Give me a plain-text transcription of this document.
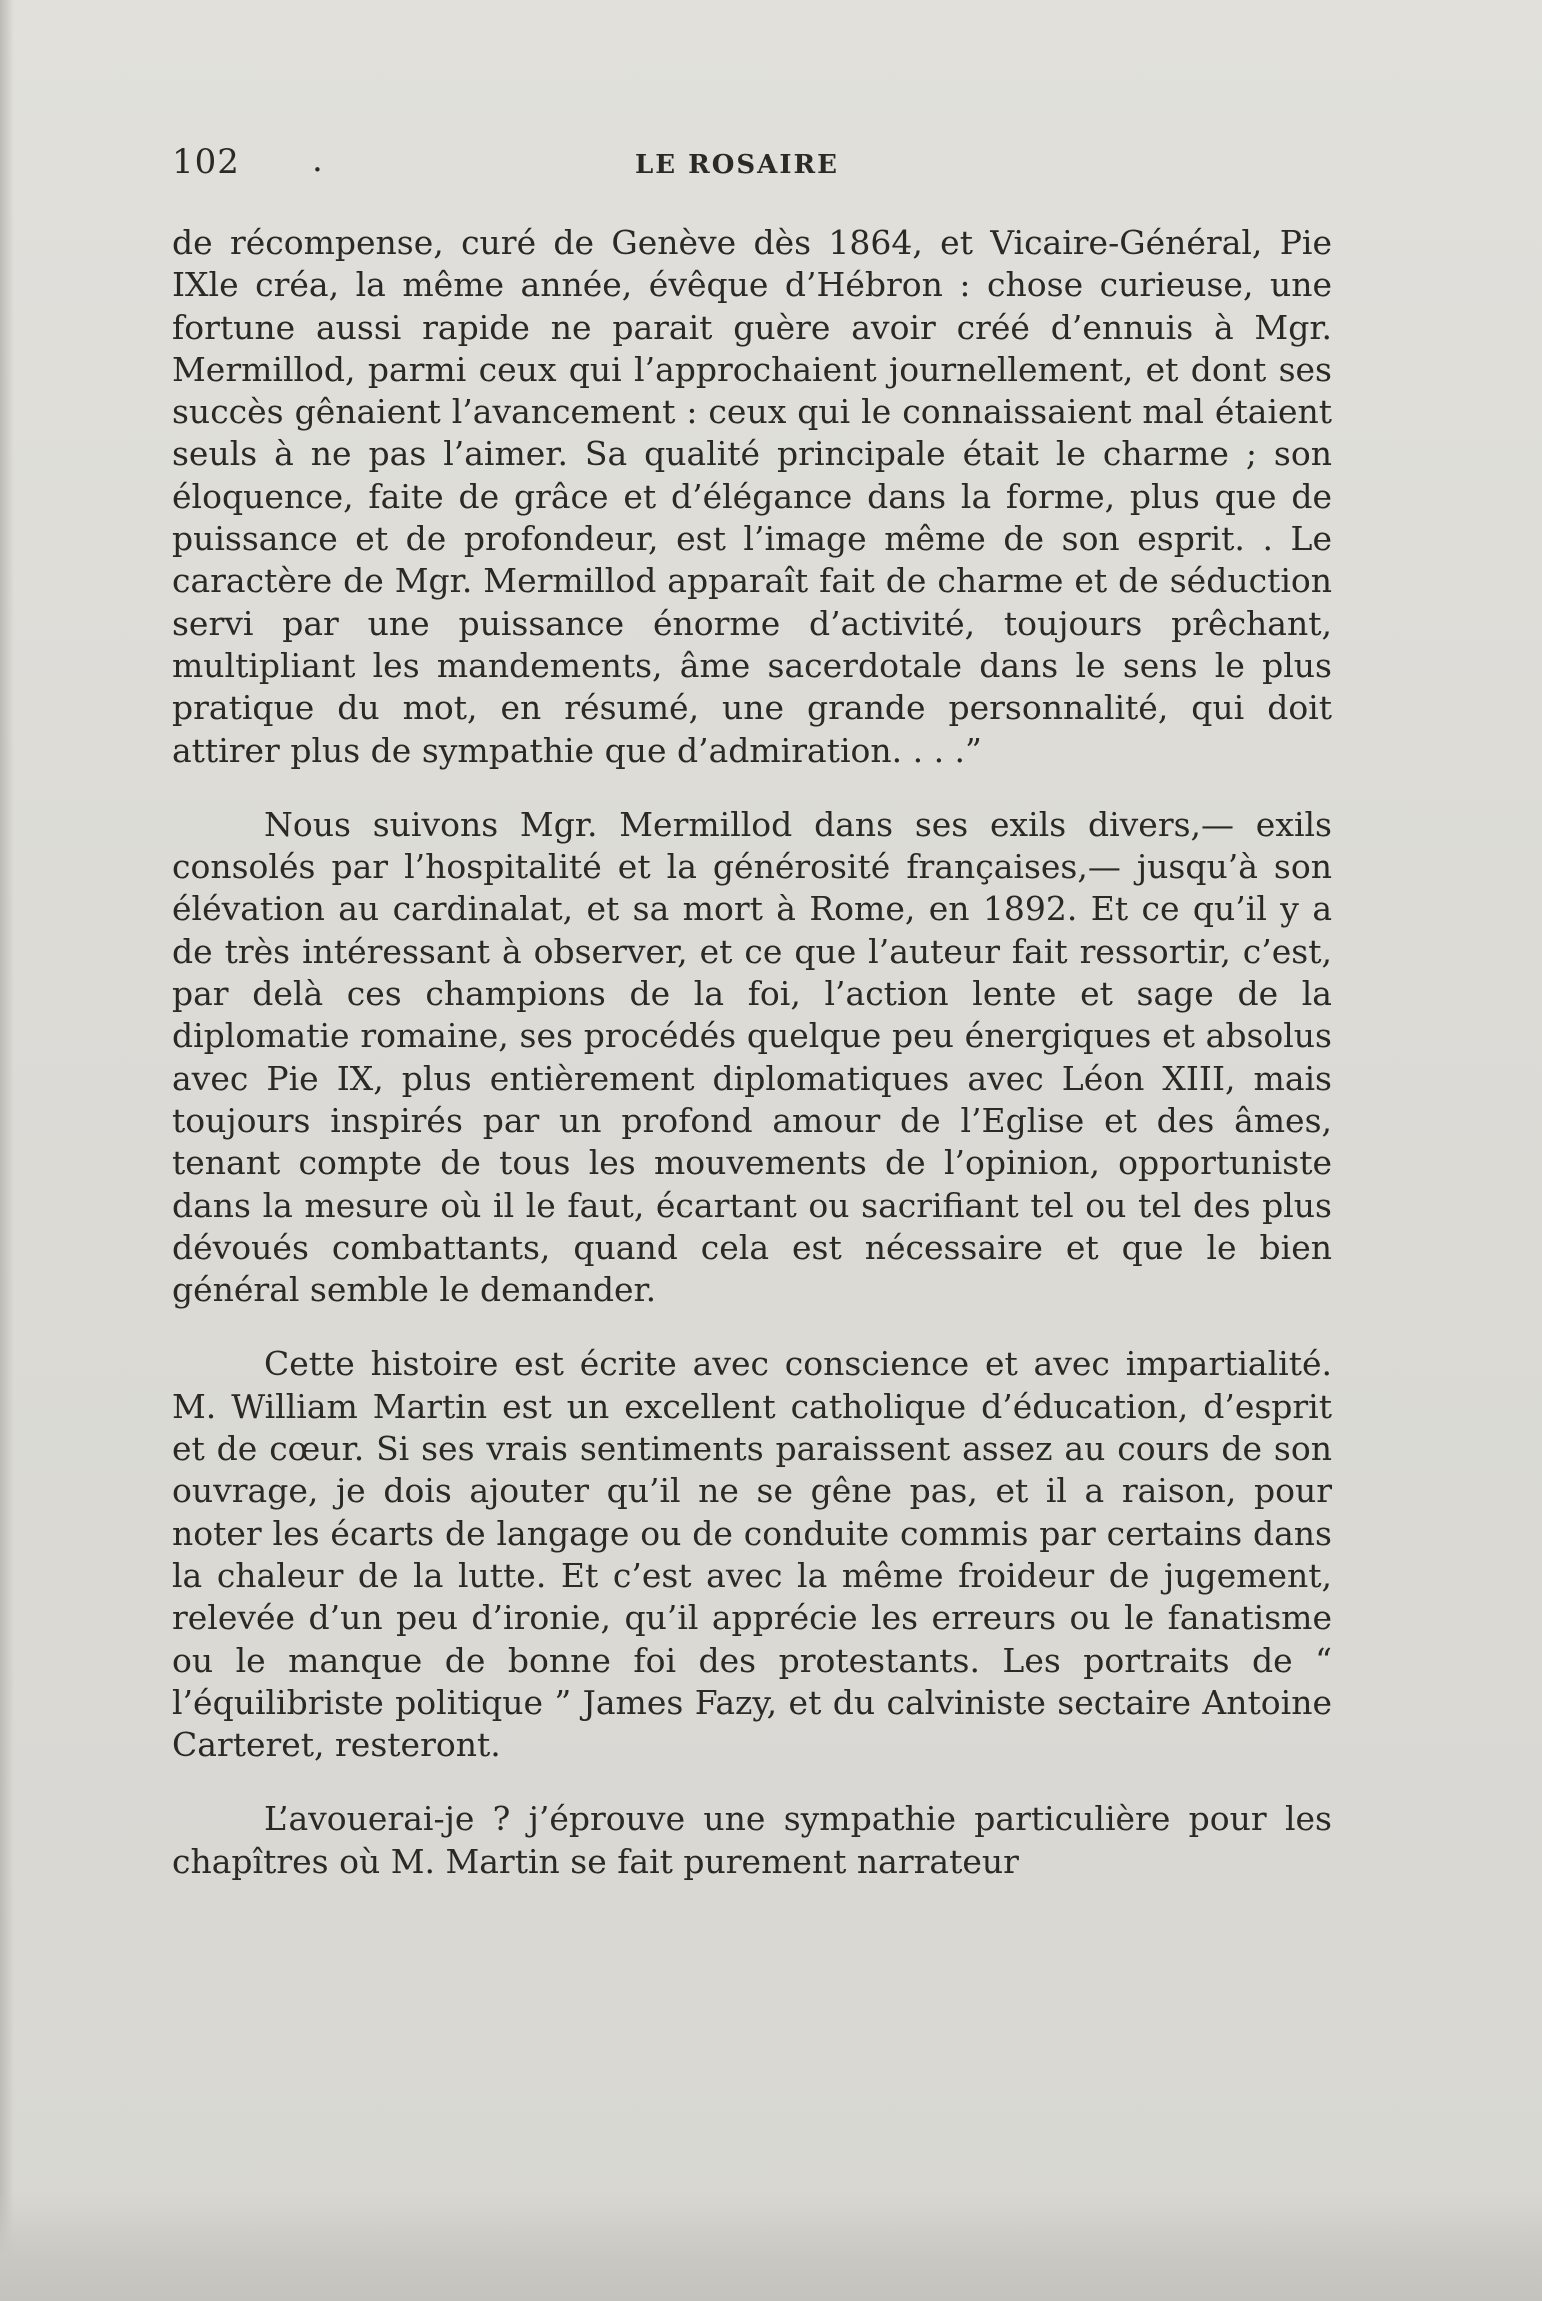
102 .	LE ROSAIRE

de récompense, curé de Genève dès 1864, et Vicaire-Général, Pie IXle créa, la même année, évêque d’Hébron : chose curieuse, une fortune aussi rapide ne parait guère avoir créé d’ennuis à Mgr. Mermillod, parmi ceux qui l’approchaient journellement, et dont ses succès gênaient l’avancement : ceux qui le connaissaient mal étaient seuls à ne pas l’aimer. Sa qualité principale était le charme ; son éloquence, faite de grâce et d’élégance dans la forme, plus que de puissance et de profondeur, est l’image même de son esprit. . Le caractère de Mgr. Mermillod apparaît fait de charme et de séduction servi par une puissance énorme d’activité, toujours prêchant, multipliant les mandements, âme sacerdotale dans le sens le plus pratique du mot, en résumé, une grande personnalité, qui doit attirer plus de sympathie que d’admiration. . . .”

Nous suivons Mgr. Mermillod dans ses exils divers,— exils consolés par l’hospitalité et la générosité françaises,— jusqu’à son élévation au cardinalat, et sa mort à Rome, en 1892. Et ce qu’il y a de très intéressant à observer, et ce que l’auteur fait ressortir, c’est, par delà ces champions de la foi, l’action lente et sage de la diplomatie romaine, ses procédés quelque peu énergiques et absolus avec Pie IX, plus entièrement diplomatiques avec Léon XIII, mais toujours inspirés par un profond amour de l’Eglise et des âmes, tenant compte de tous les mouvements de l’opinion, opportuniste dans la mesure où il le faut, écartant ou sacrifiant tel ou tel des plus dévoués combattants, quand cela est nécessaire et que le bien général semble le demander.

Cette histoire est écrite avec conscience et avec impartialité. M. William Martin est un excellent catholique d’éducation, d’esprit et de cœur. Si ses vrais sentiments paraissent assez au cours de son ouvrage, je dois ajouter qu’il ne se gêne pas, et il a raison, pour noter les écarts de langage ou de conduite commis par certains dans la chaleur de la lutte. Et c’est avec la même froideur de jugement, relevée d’un peu d’ironie, qu’il apprécie les erreurs ou le fanatisme ou le manque de bonne foi des protestants. Les portraits de “ l’équilibriste politique ” James Fazy, et du calviniste sectaire Antoine Carteret, resteront.

L’avouerai-je ? j’éprouve une sympathie particulière pour les chapîtres où M. Martin se fait purement narrateur
